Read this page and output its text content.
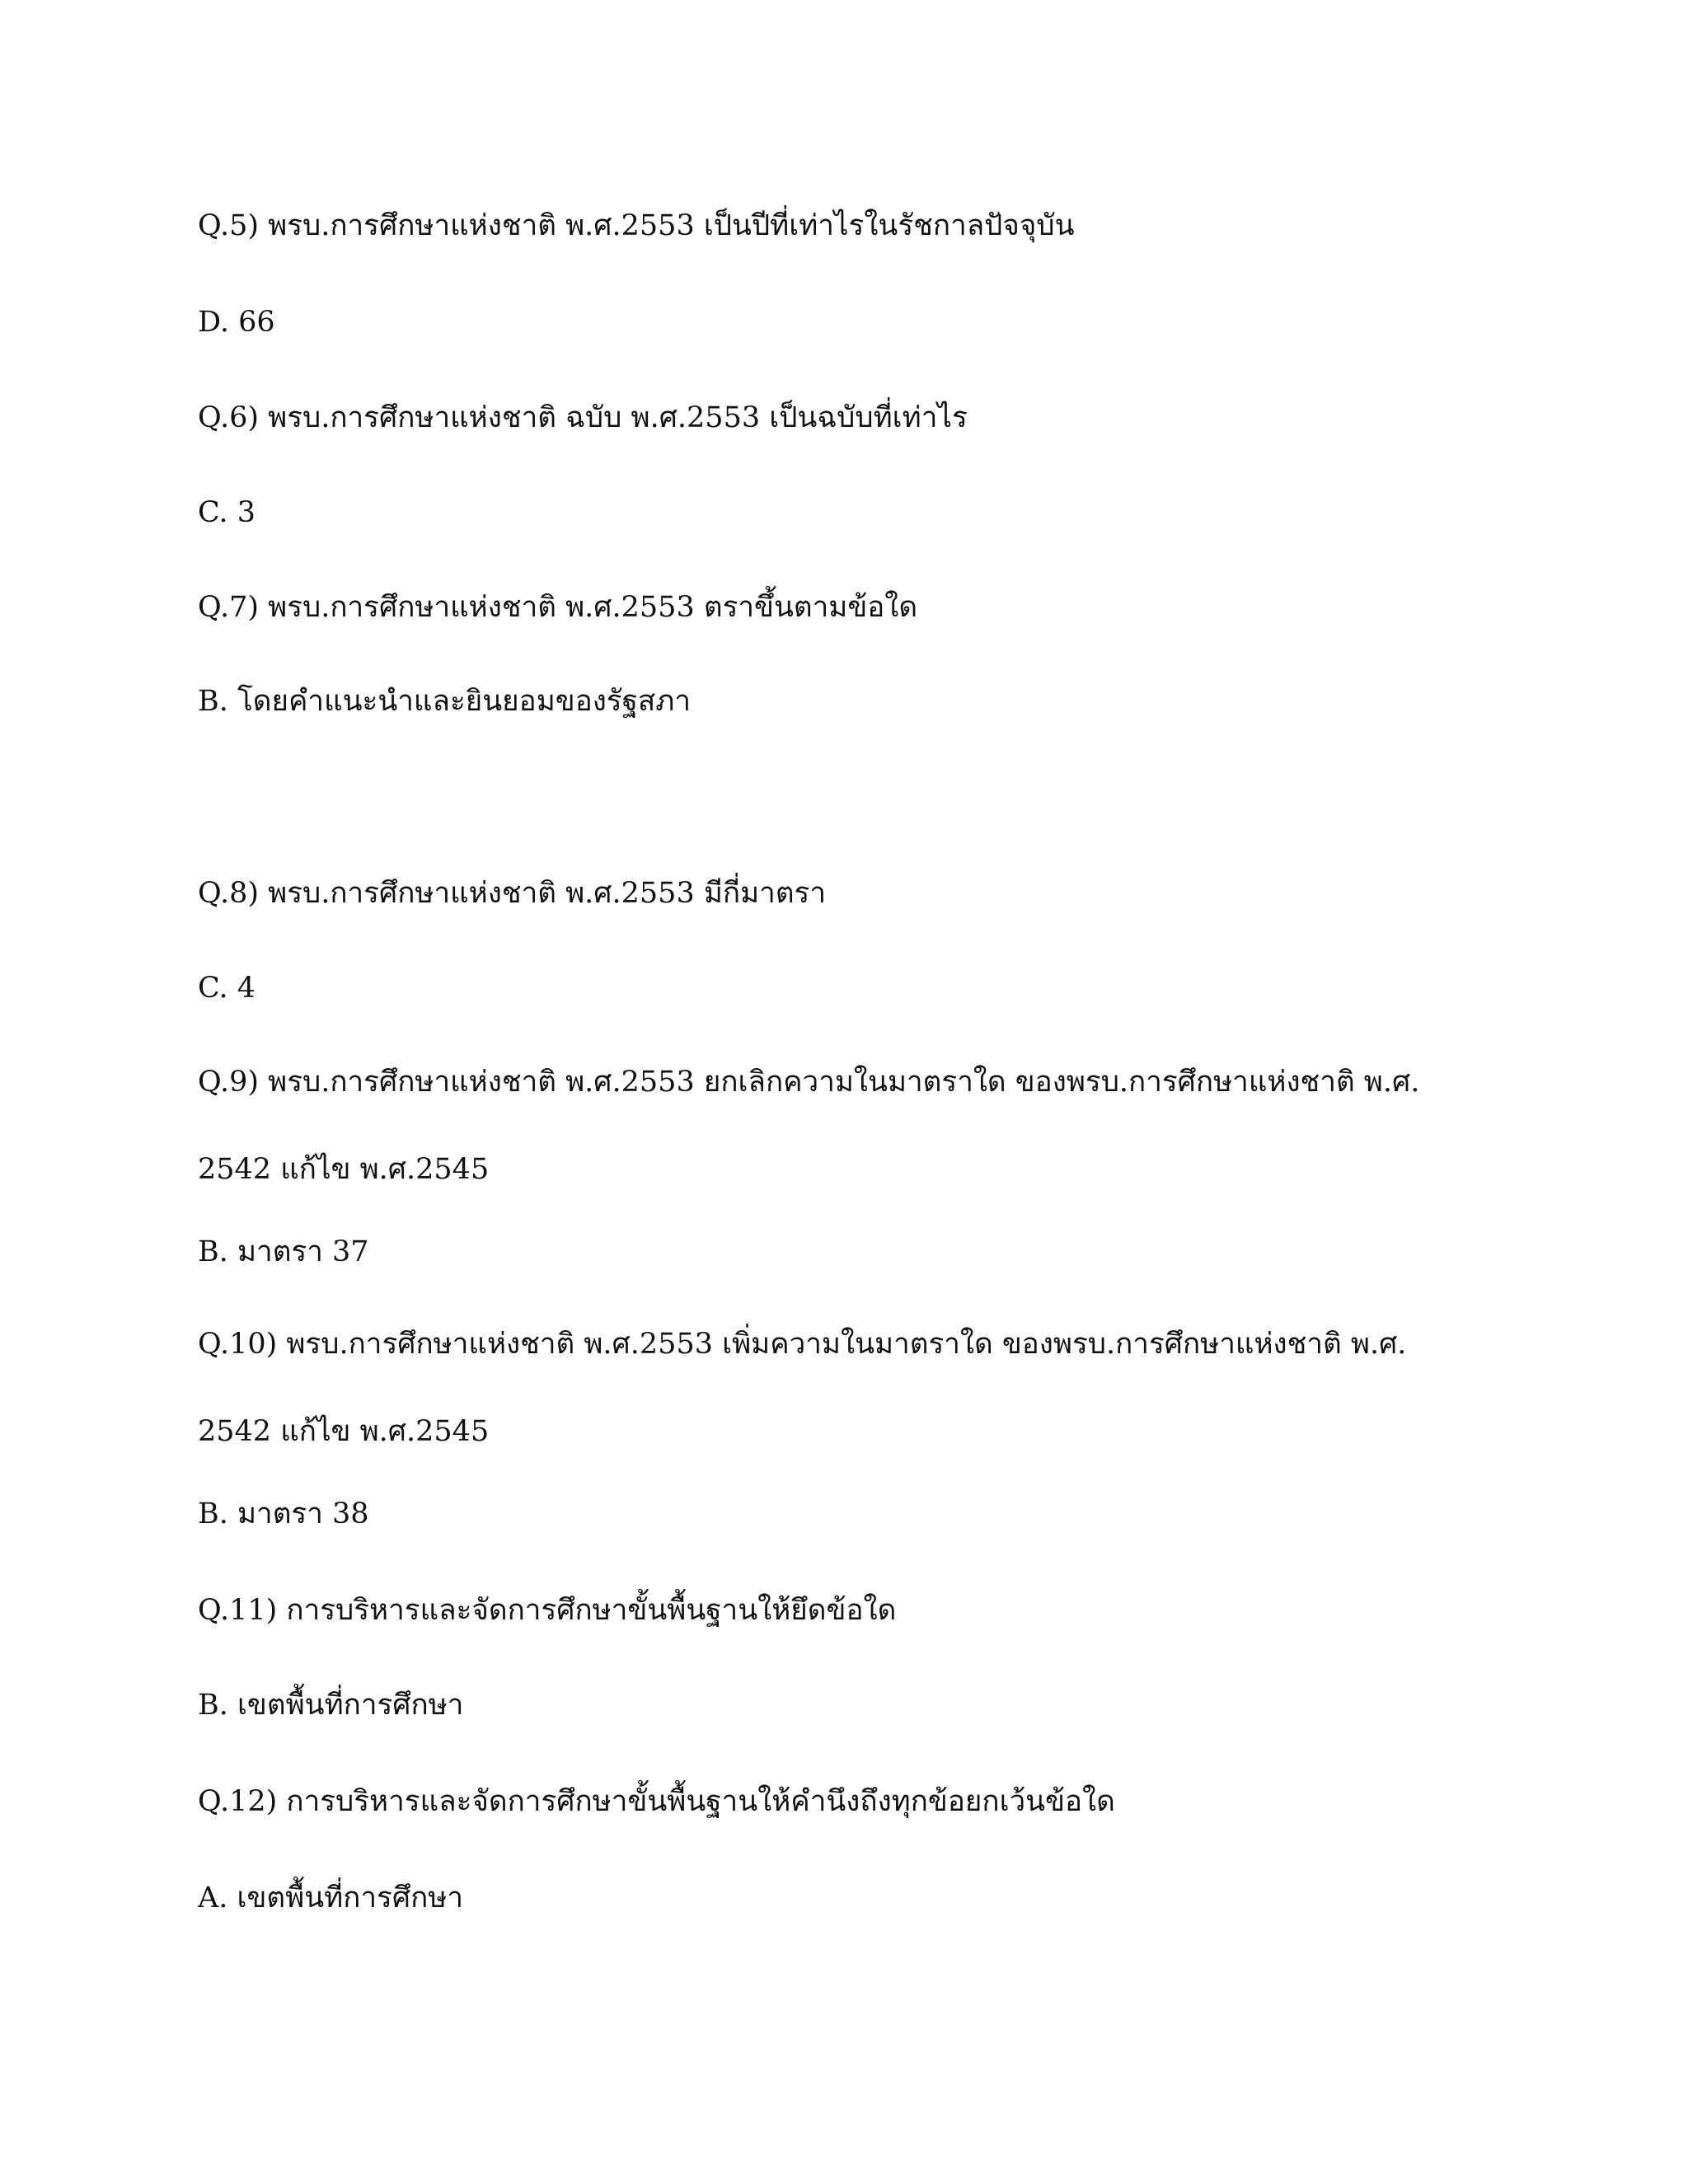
Q.5) พรบ.การศึกษาแห่งชาติ พ.ศ.2553 เป็นปีที่เท่าไรในรัชกาลปัจจุบัน

D. 66

Q.6) พรบ.การศึกษาแห่งชาติ ฉบับ พ.ศ.2553 เป็นฉบับที่เท่าไร

C. 3

Q.7) พรบ.การศึกษาแห่งชาติ พ.ศ.2553 ตราขึ้นตามข้อใด

B. โดยคำแนะนำและยินยอมของรัฐสภา

Q.8) พรบ.การศึกษาแห่งชาติ พ.ศ.2553 มีกี่มาตรา

C. 4

Q.9) พรบ.การศึกษาแห่งชาติ พ.ศ.2553 ยกเลิกความในมาตราใด ของพรบ.การศึกษาแห่งชาติ พ.ศ. 2542 แก้ไข พ.ศ.2545

B. มาตรา 37

Q.10) พรบ.การศึกษาแห่งชาติ พ.ศ.2553 เพิ่มความในมาตราใด ของพรบ.การศึกษาแห่งชาติ พ.ศ. 2542 แก้ไข พ.ศ.2545

B. มาตรา 38

Q.11) การบริหารและจัดการศึกษาขั้นพื้นฐานให้ยึดข้อใด

B. เขตพื้นที่การศึกษา

Q.12) การบริหารและจัดการศึกษาขั้นพื้นฐานให้คำนึงถึงทุกข้อยกเว้นข้อใด

A. เขตพื้นที่การศึกษา
